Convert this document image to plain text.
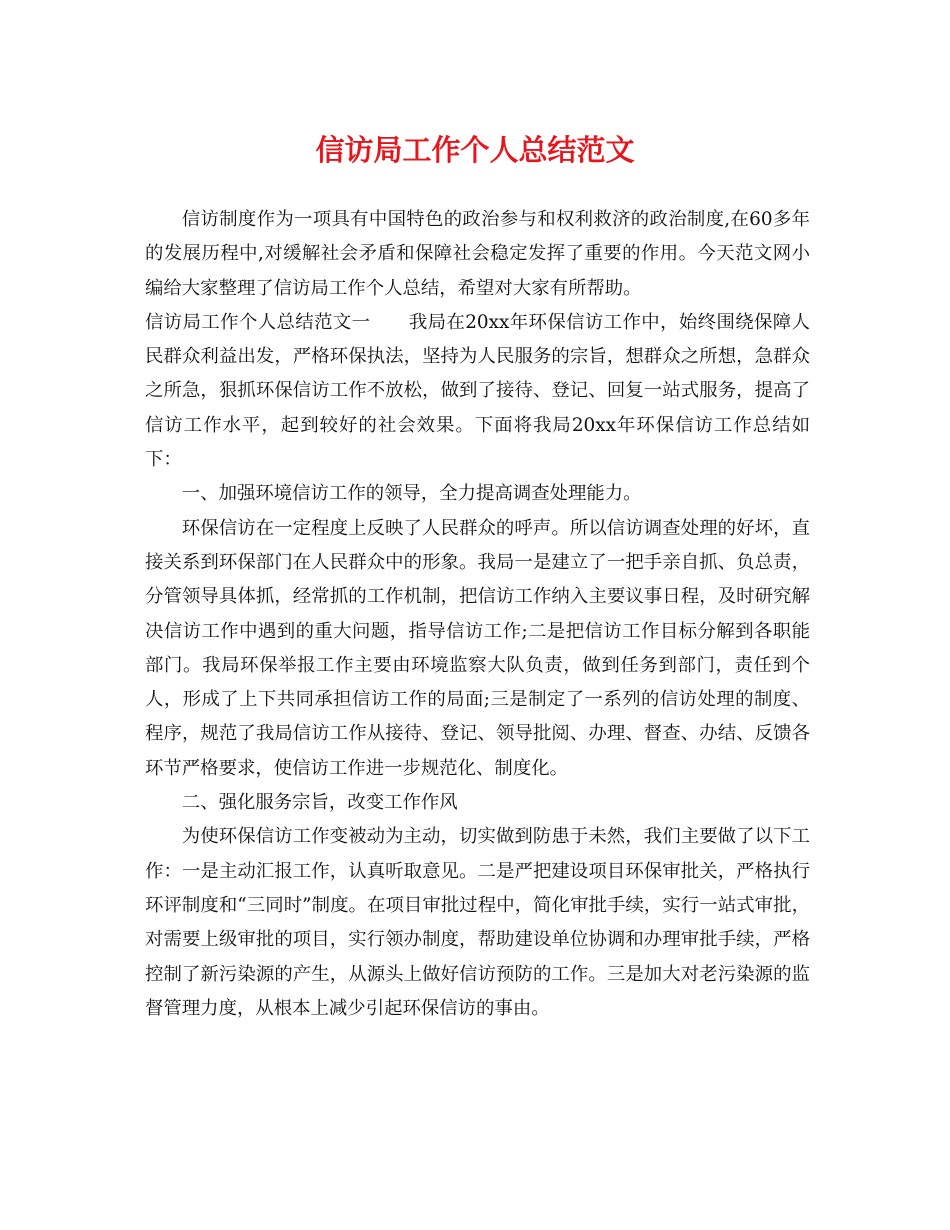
信访局工作个人总结范文

信访制度作为一项具有中国特色的政治参与和权利救济的政治制度,在60多年的发展历程中,对缓解社会矛盾和保障社会稳定发挥了重要的作用。今天范文网小编给大家整理了信访局工作个人总结，希望对大家有所帮助。

信访局工作个人总结范文一 我局在20xx年环保信访工作中，始终围绕保障人民群众利益出发，严格环保执法，坚持为人民服务的宗旨，想群众之所想，急群众之所急，狠抓环保信访工作不放松，做到了接待、登记、回复一站式服务，提高了信访工作水平，起到较好的社会效果。下面将我局20xx年环保信访工作总结如下：

一、加强环境信访工作的领导，全力提高调查处理能力。

环保信访在一定程度上反映了人民群众的呼声。所以信访调查处理的好坏，直接关系到环保部门在人民群众中的形象。我局一是建立了一把手亲自抓、负总责，分管领导具体抓，经常抓的工作机制，把信访工作纳入主要议事日程，及时研究解决信访工作中遇到的重大问题，指导信访工作;二是把信访工作目标分解到各职能部门。我局环保举报工作主要由环境监察大队负责，做到任务到部门，责任到个人，形成了上下共同承担信访工作的局面;三是制定了一系列的信访处理的制度、程序，规范了我局信访工作从接待、登记、领导批阅、办理、督查、办结、反馈各环节严格要求，使信访工作进一步规范化、制度化。

二、强化服务宗旨，改变工作作风

为使环保信访工作变被动为主动，切实做到防患于未然，我们主要做了以下工作：一是主动汇报工作，认真听取意见。二是严把建设项目环保审批关，严格执行环评制度和“三同时”制度。在项目审批过程中，简化审批手续，实行一站式审批，对需要上级审批的项目，实行领办制度，帮助建设单位协调和办理审批手续，严格控制了新污染源的产生，从源头上做好信访预防的工作。三是加大对老污染源的监督管理力度，从根本上减少引起环保信访的事由。
